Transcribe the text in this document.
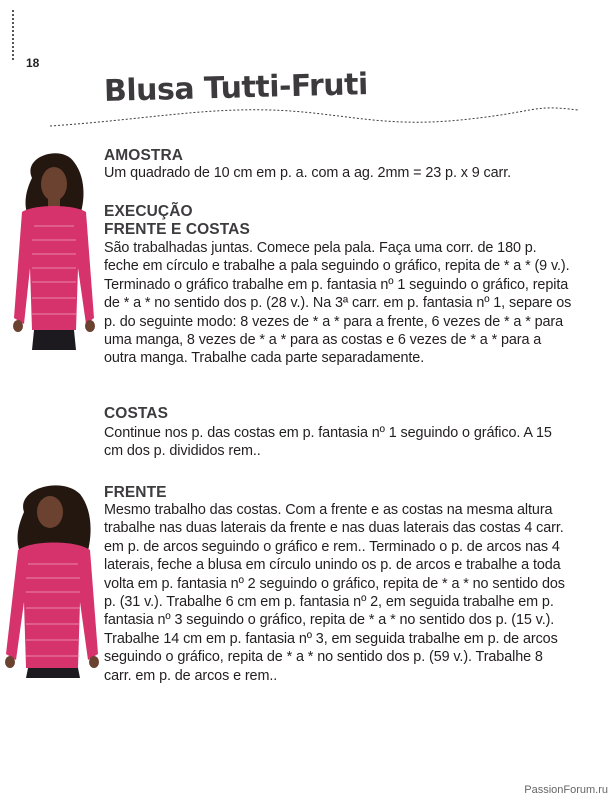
18
Blusa Tutti-Fruti
AMOSTRA

Um quadrado de 10 cm em p. a. com a ag. 2mm = 23 p. x 9 carr.

EXECUÇÃO
FRENTE E COSTAS

São trabalhadas juntas. Comece pela pala. Faça uma corr. de 180 p. feche em círculo e trabalhe a pala seguindo o gráfico, repita de * a * (9 v.). Terminado o gráfico trabalhe em p. fantasia nº 1 seguindo o gráfico, repita de * a * no sentido dos p. (28 v.). Na 3ª carr. em p. fantasia nº 1, separe os p. do seguinte modo: 8 vezes de * a * para a frente, 6 vezes de * a * para uma manga, 8 vezes de * a * para as costas e 6 vezes de * a * para a outra manga. Trabalhe cada parte separadamente.

COSTAS

Continue nos p. das costas em p. fantasia nº 1 seguindo o gráfico. A 15 cm dos p. divididos rem..

FRENTE

Mesmo trabalho das costas. Com a frente e as costas na mesma altura trabalhe nas duas laterais da frente e nas duas laterais das costas 4 carr. em p. de arcos seguindo o gráfico e rem.. Terminado o p. de arcos nas 4 laterais, feche a blusa em círculo unindo os p. de arcos e trabalhe a toda volta em p. fantasia nº 2 seguindo o gráfico, repita de * a * no sentido dos p. (31 v.). Trabalhe 6 cm em p. fantasia nº 2, em seguida trabalhe em p. fantasia nº 3 seguindo o gráfico, repita de * a * no sentido dos p. (15 v.). Trabalhe 14 cm em p. fantasia nº 3, em seguida trabalhe em p. de arcos seguindo o gráfico, repita de * a * no sentido dos p. (59 v.). Trabalhe 8 carr. em p. de arcos e rem..

PassionForum.ru
